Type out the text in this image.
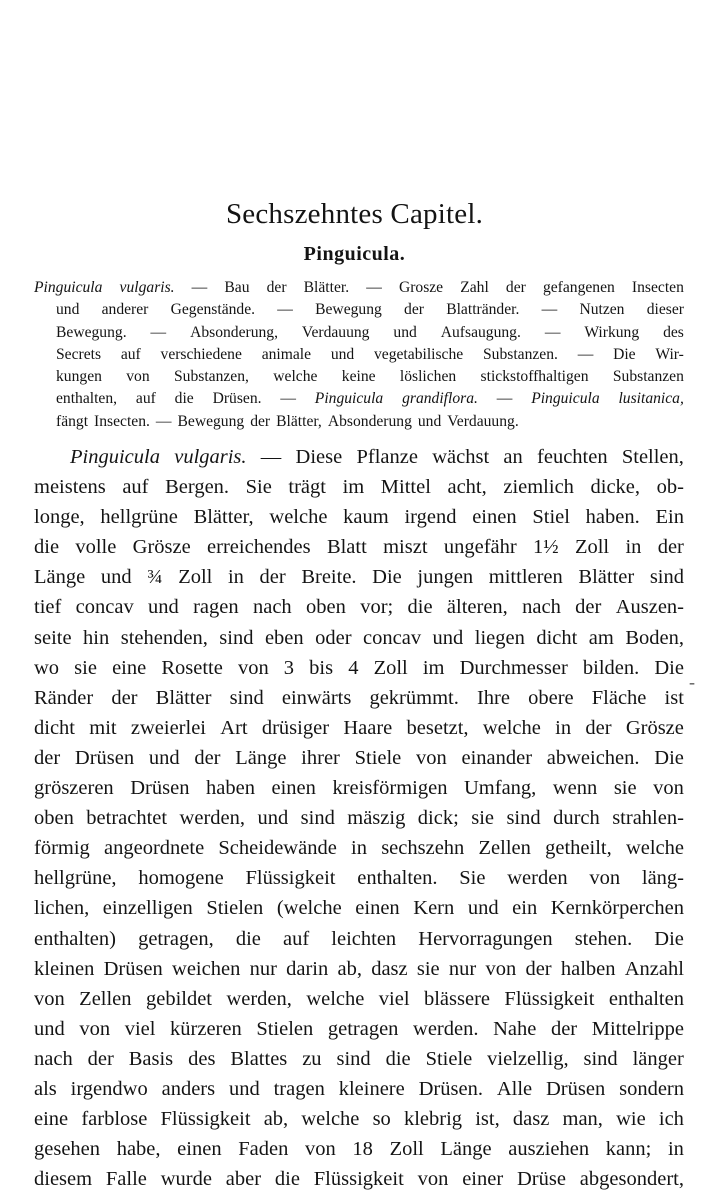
Sechszehntes Capitel.
Pinguicula.
Pinguicula vulgaris. — Bau der Blätter. — Grosze Zahl der gefangenen Insecten
und anderer Gegenstände. — Bewegung der Blattränder. — Nutzen dieser
Bewegung. — Absonderung, Verdauung und Aufsaugung. — Wirkung des
Secrets auf verschiedene animale und vegetabilische Substanzen. — Die Wir-
kungen von Substanzen, welche keine löslichen stickstoffhaltigen Substanzen
enthalten, auf die Drüsen. — Pinguicula grandiflora. — Pinguicula lusitanica,
fängt Insecten. — Bewegung der Blätter, Absonderung und Verdauung.
Pinguicula vulgaris. — Diese Pflanze wächst an feuchten Stellen,
meistens auf Bergen. Sie trägt im Mittel acht, ziemlich dicke, ob-
longe, hellgrüne Blätter, welche kaum irgend einen Stiel haben. Ein
die volle Grösze erreichendes Blatt miszt ungefähr 1½ Zoll in der
Länge und ¾ Zoll in der Breite. Die jungen mittleren Blätter sind
tief concav und ragen nach oben vor; die älteren, nach der Auszen-
seite hin stehenden, sind eben oder concav und liegen dicht am Boden,
wo sie eine Rosette von 3 bis 4 Zoll im Durchmesser bilden. Die
Ränder der Blätter sind einwärts gekrümmt. Ihre obere Fläche ist
dicht mit zweierlei Art drüsiger Haare besetzt, welche in der Grösze
der Drüsen und der Länge ihrer Stiele von einander abweichen. Die
gröszeren Drüsen haben einen kreisförmigen Umfang, wenn sie von
oben betrachtet werden, und sind mäszig dick; sie sind durch strahlen-
förmig angeordnete Scheidewände in sechszehn Zellen getheilt, welche
hellgrüne, homogene Flüssigkeit enthalten. Sie werden von läng-
lichen, einzelligen Stielen (welche einen Kern und ein Kernkörperchen
enthalten) getragen, die auf leichten Hervorragungen stehen. Die
kleinen Drüsen weichen nur darin ab, dasz sie nur von der halben Anzahl
von Zellen gebildet werden, welche viel blässere Flüssigkeit enthalten
und von viel kürzeren Stielen getragen werden. Nahe der Mittelrippe
nach der Basis des Blattes zu sind die Stiele vielzellig, sind länger
als irgendwo anders und tragen kleinere Drüsen. Alle Drüsen sondern
eine farblose Flüssigkeit ab, welche so klebrig ist, dasz man, wie ich
gesehen habe, einen Faden von 18 Zoll Länge ausziehen kann; in
diesem Falle wurde aber die Flüssigkeit von einer Drüse abgesondert,
-
